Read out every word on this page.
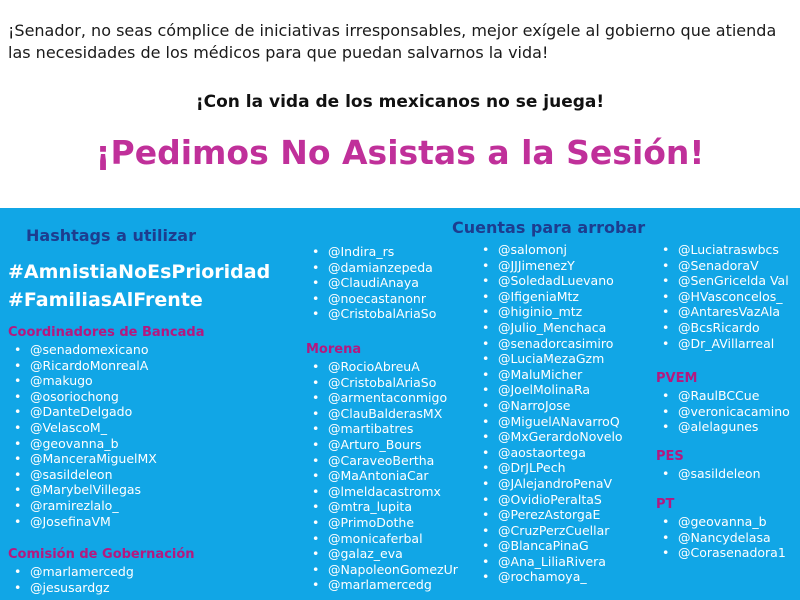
¡Senador, no seas cómplice de iniciativas irresponsables, mejor exígele al gobierno que atienda las necesidades de los médicos para que puedan salvarnos la vida!
¡Con la vida de los mexicanos no se juega!
¡Pedimos No Asistas a la Sesión!
Hashtags a utilizar
#AmnistiaNoEsPrioridad
#FamiliasAlFrente
Cuentas para arrobar
Coordinadores de Bancada
• @senadomexicano
• @RicardoMonrealA
• @makugo
• @osoriochong
• @DanteDelgado
• @VelascoM_
• @geovanna_b
• @ManceraMiguelMX
• @sasildeleon
• @MarybelVillegas
• @ramirezlalo_
• @JosefinaVM
Comisión de Gobernación
• @marlamercedg
• @jesusardgz
• @Indira_rs
• @damianzepeda
• @ClaudiAnaya
• @noecastanonr
• @CristobalAriaSo
Morena
• @RocioAbreuA
• @CristobalAriaSo
• @armentaconmigo
• @ClauBalderasMX
• @martibatres
• @Arturo_Bours
• @CaraveoBertha
• @MaAntoniaCar
• @lmeldacastromx
• @mtra_lupita
• @PrimoDothe
• @monicaferbal
• @galaz_eva
• @NapoleonGomezUr
• @marlamercedg
• @salomonj
• @JJJimenezY
• @SoledadLuevano
• @IfigeniaMtz
• @higinio_mtz
• @Julio_Menchaca
• @senadorcasimiro
• @LuciaMezaGzm
• @MaluMicher
• @JoelMolinaRa
• @NarroJose
• @MiguelANavarroQ
• @MxGerardoNovelo
• @aostaortega
• @DrJLPech
• @JAlejandroPenaV
• @OvidioPeraltaS
• @PerezAstorgaE
• @CruzPerzCuellar
• @BlancaPinaG
• @Ana_LiliaRivera
• @rochamoya_
• @Luciatraswbcs
• @SenadoraV
• @SenGricelda Val
• @HVasconcelos_
• @AntaresVazAla
• @BcsRicardo
• @Dr_AVillarreal
PVEM
• @RaulBCCue
• @veronicacamino
• @alelagunes
PES
• @sasildeleon
PT
• @geovanna_b
• @Nancydelasa
• @Corasenadora1
